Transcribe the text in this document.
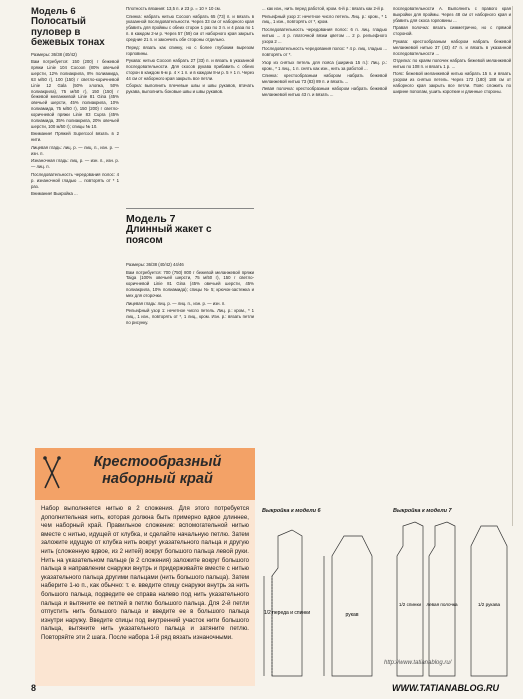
Модель 6
Полосатый пуловер в бежевых тонах

Размеры: 36/38 (40/42)

Вам потребуется: 150 (200) г бежевой пряжи Linie 104 Cocoon (80% овечьей шерсти, 12% полиакрила, 8% полиамида, 63 м/50 г), 100 (150) г светло-коричневой Linie 12 Gala (50% хлопка, 50% полиакрила), 75 м/50 г), 150 (150) г бежевой меланжевой Linie 81 Gina (45% овечьей шерсти, 45% полиакрила, 10% полиамида, 75 м/50 г), 150 (200) г светло-коричневой пряжи Linie 83 Cupra (45% полиамида, 35% полиакрила, 20% овечьей шерсти, 100 м/50 г); спицы № 10.

Внимание! Пряжей Supercool вязать в 2 нити.

Лицевая гладь: лиц. р. — лиц. п., изн. р. — изн. п.

Изнаночная гладь: лиц. р. — изн. п., изн. р. — лиц. п.

Последовательность чередования полос: 4 р. изнаночной гладью ... повторять от * 1 раз.

Внимание! Выкройка ...

Плотность вязания: 13,5 п. и 23 р. = 10 × 10 см.

Спинка: набрать нитью Cocoon набрать 65 (73) п. и вязать в указанной последовательности. Через 33 см от наборного края убавить для проймы с обеих сторон 1 раз по 3 п. и 4 раза по 1 п. в каждом 2-м р. Через 57 (59) см от наборного края закрыть средние 21 п. и закончить обе стороны отдельно.

Перед: вязать как спинку, но с более глубоким вырезом горловины.

Рукава: нитью Cocoon набрать 27 (33) п. и вязать в указанной последовательности. Для скосов рукава прибавить с обеих сторон в каждом 6-м р. 4 × 1 п. и в каждом 8-м р. 5 × 1 п. Через 44 см от наборного края закрыть все петли.

Сборка: выполнить плечевые швы и швы рукавов, втачать рукава, выполнить боковые швы и швы рукавов.

Модель 7
Длинный жакет с поясом

Размеры: 36/38 (40/42) 44/46

Вам потребуется: 700 (750) 800 г бежевой меланжевой пряжи Taiga (100% овечьей шерсти, 75 м/50 г), 150 г светло-коричневой Linie 81 Gina (45% овечьей шерсти, 45% полиакрила, 10% полиамида); спицы № 5; крючок-застежка и мех для оторочки.

Лицевая гладь: лиц. р. — лиц. п., изн. р. — изн. п.

Рельефный узор 1: нечетное число петель. Лиц. р.: кром., * 1 лиц., 1 изн., повторять от *, 1 лиц., кром. Изн. р.: вязать петли по рисунку.

... как изн., нить перед работой, кром. 6-й р.: вязать как 2-й р.

Рельефный узор 2: нечетное число петель. Лиц. р.: кром., * 1 лиц., 1 изн., повторять от *, кром.

Последовательность чередования полос: 6 п. лиц. гладью нитью ... 4 р. платочной вязки цветом ... 2 р. рельефного узора 2 ...

Последовательность чередования полос: * 4 р. лиц. гладью ... повторять от *.

Узор из снятых петель для пояса (ширина 15 п.): Лиц. р.: кром., * 1 лиц., 1 п. снять как изн., нить за работой ...

Спинка: крестообразным набором набрать бежевой меланжевой нитью 73 (83) 89 п. и вязать ...

Левая полочка: крестообразным набором набрать бежевой меланжевой нитью 43 п. и вязать ...

последовательности А. Выполнить с правого края выкройки для проймы. Через 48 см от наборного края и убавить для скоса горловины ...

Правая полочка: вязать симметрично, но с прямой стороной.

Рукава: крестообразным набором набрать бежевой меланжевой нитью 37 (43) 47 п. и вязать в указанной последовательности ...

Отделка: по краям полочек набрать бежевой меланжевой нитью по 108 п. и вязать 1 р. ...

Пояс: бежевой меланжевой нитью набрать 15 п. и вязать узором из снятых петель. Через 172 (180) 188 см от наборного края закрыть все петли. Пояс сложить по ширине пополам, ушить короткие и длинные стороны.

Крестообразный наборный край
Набор выполняется нитью в 2 сложения. Для этого потребуется дополнительная нить, которая должна быть примерно вдвое длиннее, чем наборный край. Правильное сложение: вспомогательной нитью вместе с нитью, идущей от клубка, и сделайте начальную петлю. Затем заложите идущую от клубка нить вокруг указательного пальца и другую нить (сложенную вдвое, из 2 нитей) вокруг большого пальца левой руки. Нить на указательном пальце (в 2 сложения) заложите вокруг большого пальца в направлении снаружи внутрь и придерживайте вместе с нитью указательного пальца другими пальцами (нить большого пальца). Затем наберите 1-ю п., как обычно: т. е. введите спицу снаружи внутрь за нить большого пальца, подведите ее справа налево под нить указательного пальца и вытяните ее петлей в петлю большого пальца. Для 2-й петли отпустить нить большого пальца и введите ее в большого пальца изнутри наружу. Введите спицы под внутренний участок нити большого пальца, вытяните нить указательного пальца и затяните петлю. Повторяйте эти 2 шага. После набора 1-й ряд вязать изнаночными.
Выкройка к модели 6
1/2 переда и спинки	рукав
Выкройка к модели 7
1/2 спинки левая полочка	1/2 рукава
http://www.tatianablog.ru/
8	WWW.TATIANABLOG.RU
